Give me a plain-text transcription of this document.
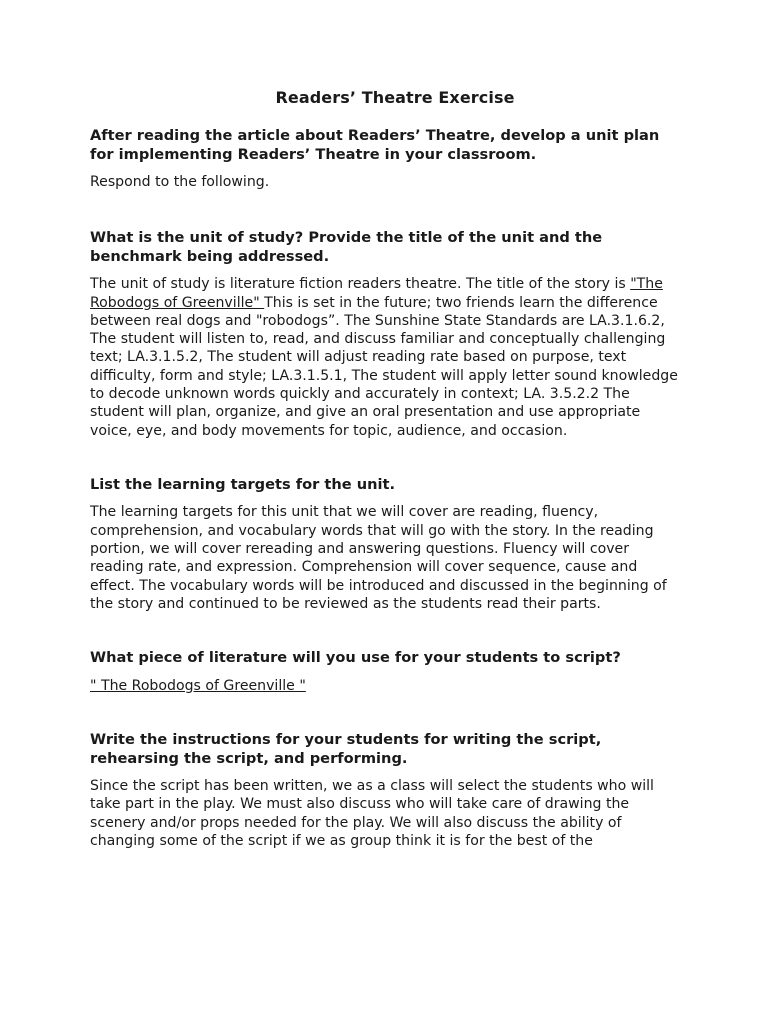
Readers’ Theatre Exercise

After reading the article about Readers’ Theatre, develop a unit plan for implementing Readers’ Theatre in your classroom.

Respond to the following.

What is the unit of study? Provide the title of the unit and the benchmark being addressed.

The unit of study is literature fiction readers theatre. The title of the story is "The Robodogs of Greenville" This is set in the future; two friends learn the difference between real dogs and "robodogs”. The Sunshine State Standards are LA.3.1.6.2, The student will listen to, read, and discuss familiar and conceptually challenging text; LA.3.1.5.2, The student will adjust reading rate based on purpose, text difficulty, form and style; LA.3.1.5.1, The student will apply letter sound knowledge to decode unknown words quickly and accurately in context; LA. 3.5.2.2 The student will plan, organize, and give an oral presentation and use appropriate voice, eye, and body movements for topic, audience, and occasion.

List the learning targets for the unit.

The learning targets for this unit that we will cover are reading, fluency, comprehension, and vocabulary words that will go with the story. In the reading portion, we will cover rereading and answering questions. Fluency will cover reading rate, and expression. Comprehension will cover sequence, cause and effect. The vocabulary words will be introduced and discussed in the beginning of the story and continued to be reviewed as the students read their parts.

What piece of literature will you use for your students to script?

" The Robodogs of Greenville "

Write the instructions for your students for writing the script, rehearsing the script, and performing.

Since the script has been written, we as a class will select the students who will take part in the play. We must also discuss who will take care of drawing the scenery and/or props needed for the play. We will also discuss the ability of changing some of the script if we as group think it is for the best of the
